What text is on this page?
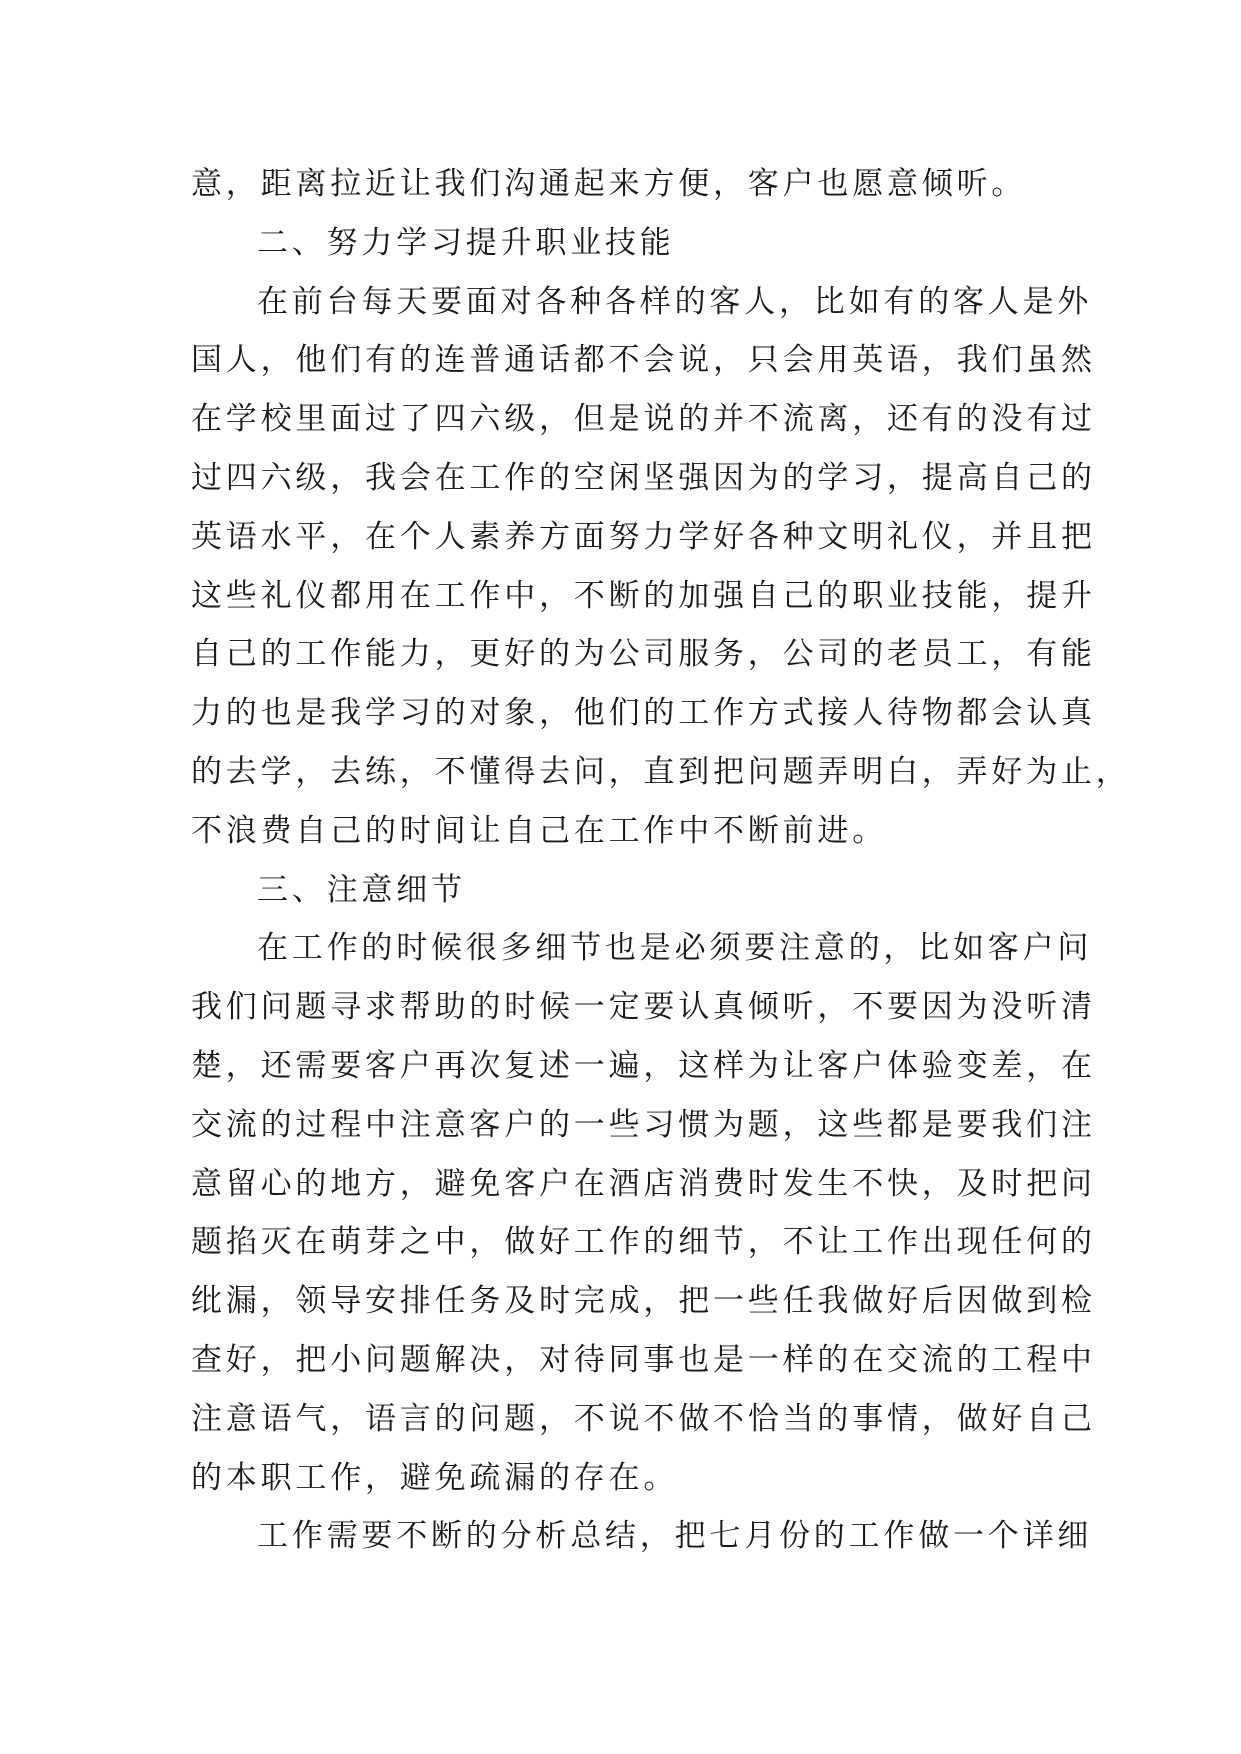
意，距离拉近让我们沟通起来方便，客户也愿意倾听。
二、努力学习提升职业技能
在前台每天要面对各种各样的客人，比如有的客人是外
国人，他们有的连普通话都不会说，只会用英语，我们虽然
在学校里面过了四六级，但是说的并不流离，还有的没有过
过四六级，我会在工作的空闲坚强因为的学习，提高自己的
英语水平，在个人素养方面努力学好各种文明礼仪，并且把
这些礼仪都用在工作中，不断的加强自己的职业技能，提升
自己的工作能力，更好的为公司服务，公司的老员工，有能
力的也是我学习的对象，他们的工作方式接人待物都会认真
的去学，去练，不懂得去问，直到把问题弄明白，弄好为止，
不浪费自己的时间让自己在工作中不断前进。
三、注意细节
在工作的时候很多细节也是必须要注意的，比如客户问
我们问题寻求帮助的时候一定要认真倾听，不要因为没听清
楚，还需要客户再次复述一遍，这样为让客户体验变差，在
交流的过程中注意客户的一些习惯为题，这些都是要我们注
意留心的地方，避免客户在酒店消费时发生不快，及时把问
题掐灭在萌芽之中，做好工作的细节，不让工作出现任何的
纰漏，领导安排任务及时完成，把一些任我做好后因做到检
查好，把小问题解决，对待同事也是一样的在交流的工程中
注意语气，语言的问题，不说不做不恰当的事情，做好自己
的本职工作，避免疏漏的存在。
工作需要不断的分析总结，把七月份的工作做一个详细
